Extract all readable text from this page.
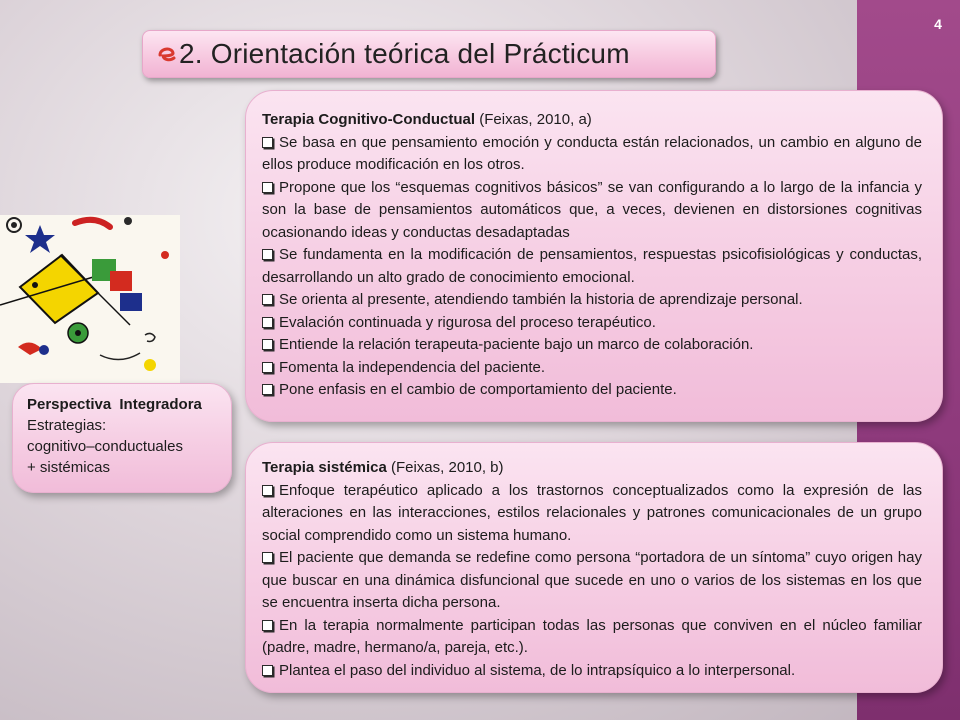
4
2. Orientación teórica del Prácticum

Terapia Cognitivo-Conductual (Feixas, 2010, a)

Se basa en que pensamiento emoción y conducta están relacionados, un cambio en alguno de ellos produce modificación en los otros.
Propone que los “esquemas cognitivos básicos” se van configurando a lo largo de la infancia y son la base de pensamientos automáticos que, a veces, devienen en distorsiones cognitivas ocasionando ideas y conductas desadaptadas
Se fundamenta en la modificación de pensamientos, respuestas psicofisiológicas y conductas, desarrollando un alto grado de conocimiento emocional.
Se orienta al presente, atendiendo también la historia de aprendizaje personal.
Evalación continuada y rigurosa del proceso terapéutico.
Entiende la relación terapeuta-paciente bajo un marco de colaboración.
Fomenta la independencia del paciente.
Pone enfasis en el cambio de comportamiento del paciente.
Perspectiva Integradora
Estrategias:
cognitivo–conductuales
+ sistémicas	Terapia sistémica (Feixas, 2010, b)

Enfoque terapéutico aplicado a los trastornos conceptualizados como la expresión de las alteraciones en las interacciones, estilos relacionales y patrones comunicacionales de un grupo social comprendido como un sistema humano.
El paciente que demanda se redefine como persona “portadora de un síntoma” cuyo origen hay que buscar en una dinámica disfuncional que sucede en uno o varios de los sistemas en los que se encuentra inserta dicha persona.
En la terapia normalmente participan todas las personas que conviven en el núcleo familiar (padre, madre, hermano/a, pareja, etc.).
Plantea el paso del individuo al sistema, de lo intrapsíquico a lo interpersonal.
